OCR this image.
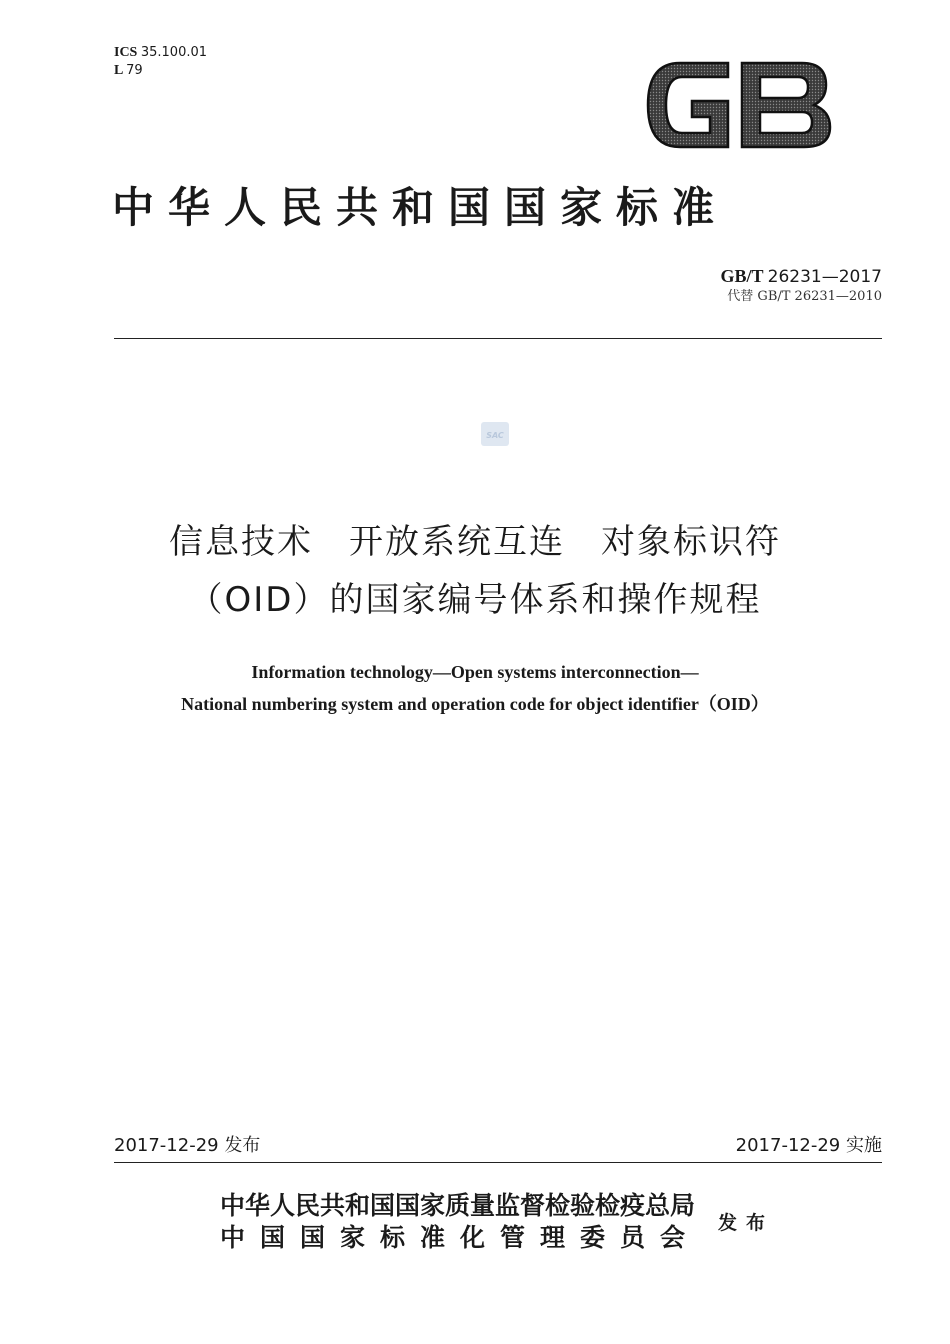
ICS 35.100.01
L 79
GB
中华人民共和国国家标准
GB/T 26231—2017
代替 GB/T 26231—2010
SAC
信息技术　开放系统互连　对象标识符
（OID）的国家编号体系和操作规程
Information technology—Open systems interconnection—
National numbering system and operation code for object identifier（OID）
2017-12-29 发布	2017-12-29 实施
中华人民共和国国家质量监督检验检疫总局
中国国家标准化管理委员会 发布
